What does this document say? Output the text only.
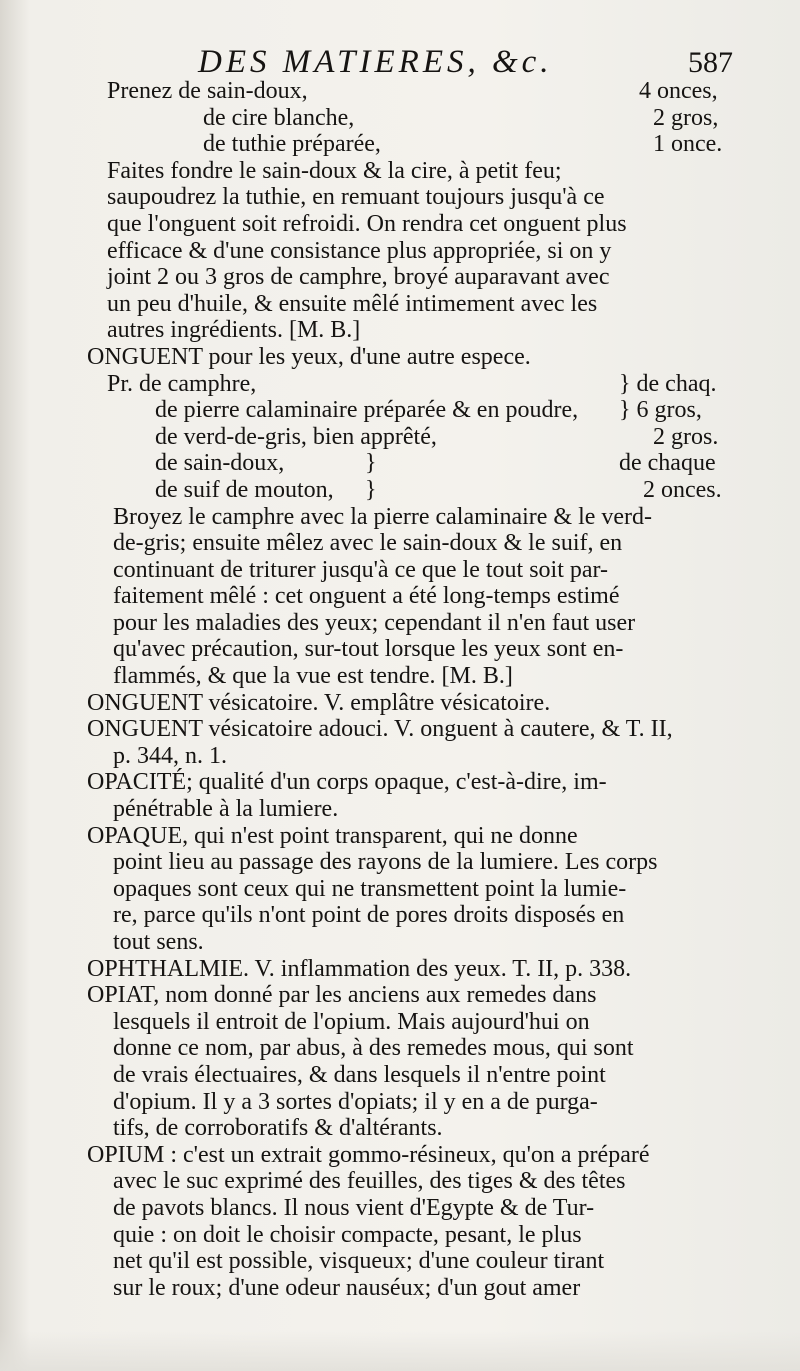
DES MATIERES, &c.	587
Prenez de sain-doux,	4 onces,
de cire blanche,	2 gros,
de tuthie préparée,	1 once.
Faites fondre le sain-doux & la cire, à petit feu;
saupoudrez la tuthie, en remuant toujours jusqu'à ce
que l'onguent soit refroidi. On rendra cet onguent plus
efficace & d'une consistance plus appropriée, si on y
joint 2 ou 3 gros de camphre, broyé auparavant avec
un peu d'huile, & ensuite mêlé intimement avec les
autres ingrédients. [M. B.]
ONGUENT pour les yeux, d'une autre espece.
Pr. de camphre,	} de chaq.
de pierre calaminaire préparée & en poudre, } 6 gros,
de verd-de-gris, bien apprêté,	2 gros.
de sain-doux,	}	de chaque
de suif de mouton, }	2 onces.
Broyez le camphre avec la pierre calaminaire & le verd-
de-gris; ensuite mêlez avec le sain-doux & le suif, en
continuant de triturer jusqu'à ce que le tout soit par-
faitement mêlé : cet onguent a été long-temps estimé
pour les maladies des yeux; cependant il n'en faut user
qu'avec précaution, sur-tout lorsque les yeux sont en-
flammés, & que la vue est tendre. [M. B.]
ONGUENT vésicatoire. V. emplâtre vésicatoire.
ONGUENT vésicatoire adouci. V. onguent à cautere, & T. II,
p. 344, n. 1.
OPACITÉ; qualité d'un corps opaque, c'est-à-dire, im-
pénétrable à la lumiere.
OPAQUE, qui n'est point transparent, qui ne donne
point lieu au passage des rayons de la lumiere. Les corps
opaques sont ceux qui ne transmettent point la lumie-
re, parce qu'ils n'ont point de pores droits disposés en
tout sens.
OPHTHALMIE. V. inflammation des yeux. T. II, p. 338.
OPIAT, nom donné par les anciens aux remedes dans
lesquels il entroit de l'opium. Mais aujourd'hui on
donne ce nom, par abus, à des remedes mous, qui sont
de vrais électuaires, & dans lesquels il n'entre point
d'opium. Il y a 3 sortes d'opiats; il y en a de purga-
tifs, de corroboratifs & d'altérants.
OPIUM : c'est un extrait gommo-résineux, qu'on a préparé
avec le suc exprimé des feuilles, des tiges & des têtes
de pavots blancs. Il nous vient d'Egypte & de Tur-
quie : on doit le choisir compacte, pesant, le plus
net qu'il est possible, visqueux; d'une couleur tirant
sur le roux; d'une odeur nauséux; d'un gout amer
